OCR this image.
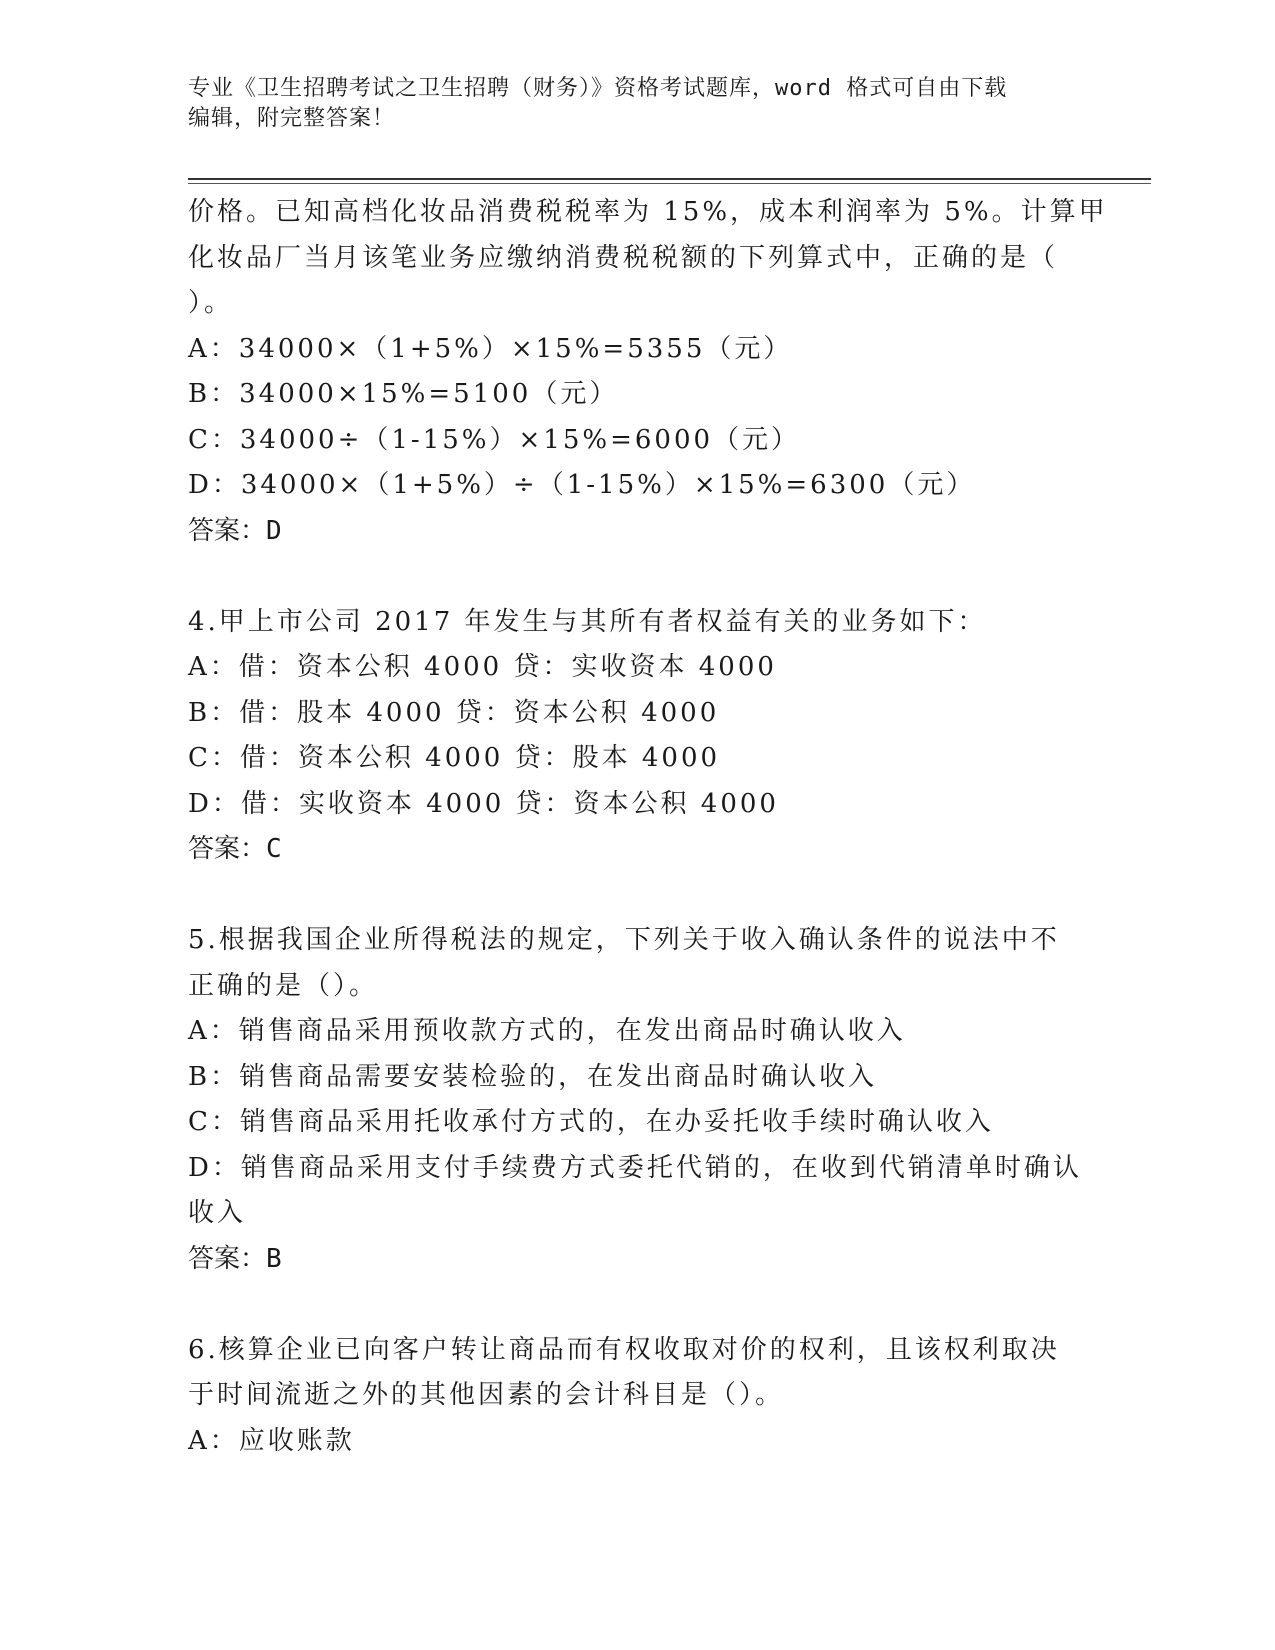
专业《卫生招聘考试之卫生招聘（财务）》资格考试题库，word 格式可自由下载
编辑，附完整答案！
价格。已知高档化妆品消费税税率为 15%，成本利润率为 5%。计算甲
化妆品厂当月该笔业务应缴纳消费税税额的下列算式中，正确的是（
）。
A：34000×（1+5%）×15%=5355（元）
B：34000×15%=5100（元）
C：34000÷（1-15%）×15%=6000（元）
D：34000×（1+5%）÷（1-15%）×15%=6300（元）
答案：D
4.甲上市公司 2017 年发生与其所有者权益有关的业务如下：
A：借：资本公积 4000 贷：实收资本 4000
B：借：股本 4000 贷：资本公积 4000
C：借：资本公积 4000 贷：股本 4000
D：借：实收资本 4000 贷：资本公积 4000
答案：C
5.根据我国企业所得税法的规定，下列关于收入确认条件的说法中不
正确的是（）。
A：销售商品采用预收款方式的，在发出商品时确认收入
B：销售商品需要安装检验的，在发出商品时确认收入
C：销售商品采用托收承付方式的，在办妥托收手续时确认收入
D：销售商品采用支付手续费方式委托代销的，在收到代销清单时确认
收入
答案：B
6.核算企业已向客户转让商品而有权收取对价的权利，且该权利取决
于时间流逝之外的其他因素的会计科目是（）。
A：应收账款
